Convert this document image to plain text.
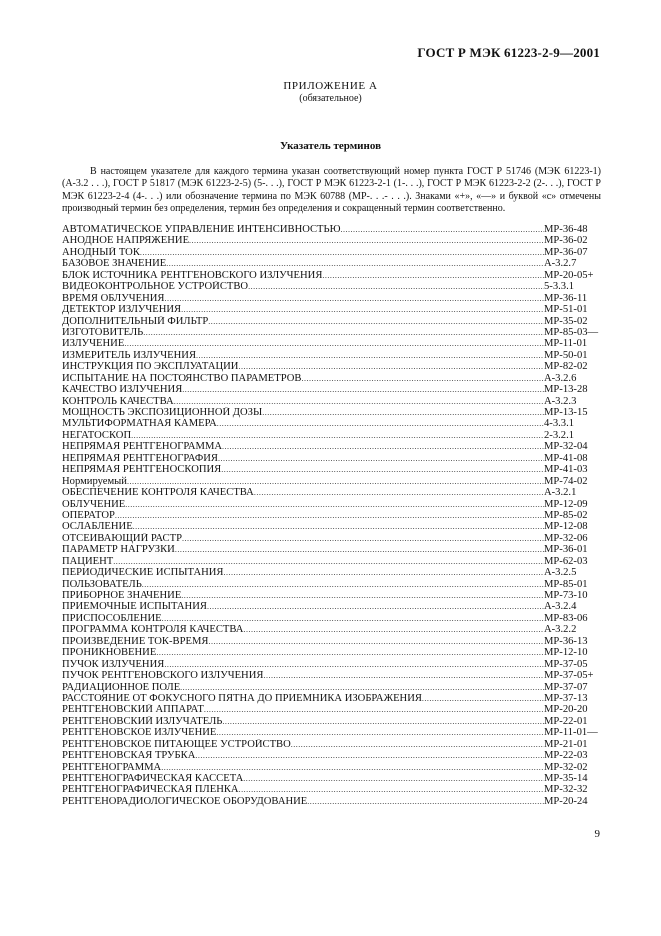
ГОСТ Р МЭК 61223-2-9—2001
ПРИЛОЖЕНИЕ А
(обязательное)
Указатель терминов
В настоящем указателе для каждого термина указан соответствующий номер пункта ГОСТ Р 51746 (МЭК 61223-1) (А-3.2 . . .), ГОСТ Р 51817 (МЭК 61223-2-5) (5-. . .), ГОСТ Р МЭК 61223-2-1 (1-. . .), ГОСТ Р МЭК 61223-2-2 (2-. . .), ГОСТ Р МЭК 61223-2-4 (4-. . .) или обозначение термина по МЭК 60788 (МР-. . .- . . .). Знаками «+», «—» и буквой «с» отмечены производный термин без определения, термин без определения и сокращенный термин соответственно.
АВТОМАТИЧЕСКОЕ УПРАВЛЕНИЕ ИНТЕНСИВНОСТЬЮ .....	МР-36-48
АНОДНОЕ НАПРЯЖЕНИЕ .....	МР-36-02
АНОДНЫЙ ТОК .....	МР-36-07
БАЗОВОЕ ЗНАЧЕНИЕ .....	А-3.2.7
БЛОК ИСТОЧНИКА РЕНТГЕНОВСКОГО ИЗЛУЧЕНИЯ .....	МР-20-05+
ВИДЕОКОНТРОЛЬНОЕ УСТРОЙСТВО .....	5-3.3.1
ВРЕМЯ ОБЛУЧЕНИЯ .....	МР-36-11
ДЕТЕКТОР ИЗЛУЧЕНИЯ .....	МР-51-01
ДОПОЛНИТЕЛЬНЫЙ ФИЛЬТР .....	МР-35-02
ИЗГОТОВИТЕЛЬ .....	МР-85-03—
ИЗЛУЧЕНИЕ .....	МР-11-01
ИЗМЕРИТЕЛЬ ИЗЛУЧЕНИЯ .....	МР-50-01
ИНСТРУКЦИЯ ПО ЭКСПЛУАТАЦИИ .....	МР-82-02
ИСПЫТАНИЕ НА ПОСТОЯНСТВО ПАРАМЕТРОВ .....	А-3.2.6
КАЧЕСТВО ИЗЛУЧЕНИЯ .....	МР-13-28
КОНТРОЛЬ КАЧЕСТВА .....	А-3.2.3
МОЩНОСТЬ ЭКСПОЗИЦИОННОЙ ДОЗЫ .....	МР-13-15
МУЛЬТИФОРМАТНАЯ КАМЕРА .....	4-3.3.1
НЕГАТОСКОП .....	2-3.2.1
НЕПРЯМАЯ РЕНТГЕНОГРАММА .....	МР-32-04
НЕПРЯМАЯ РЕНТГЕНОГРАФИЯ .....	МР-41-08
НЕПРЯМАЯ РЕНТГЕНОСКОПИЯ .....	МР-41-03
Нормируемый .....	МР-74-02
ОБЕСПЕЧЕНИЕ КОНТРОЛЯ КАЧЕСТВА .....	А-3.2.1
ОБЛУЧЕНИЕ .....	МР-12-09
ОПЕРАТОР .....	МР-85-02
ОСЛАБЛЕНИЕ .....	МР-12-08
ОТСЕИВАЮЩИЙ РАСТР .....	МР-32-06
ПАРАМЕТР НАГРУЗКИ .....	МР-36-01
ПАЦИЕНТ .....	МР-62-03
ПЕРИОДИЧЕСКИЕ ИСПЫТАНИЯ .....	А-3.2.5
ПОЛЬЗОВАТЕЛЬ .....	МР-85-01
ПРИБОРНОЕ ЗНАЧЕНИЕ .....	МР-73-10
ПРИЕМОЧНЫЕ ИСПЫТАНИЯ .....	А-3.2.4
ПРИСПОСОБЛЕНИЕ .....	МР-83-06
ПРОГРАММА КОНТРОЛЯ КАЧЕСТВА .....	А-3.2.2
ПРОИЗВЕДЕНИЕ ТОК-ВРЕМЯ .....	МР-36-13
ПРОНИКНОВЕНИЕ .....	МР-12-10
ПУЧОК ИЗЛУЧЕНИЯ .....	МР-37-05
ПУЧОК РЕНТГЕНОВСКОГО ИЗЛУЧЕНИЯ .....	МР-37-05+
РАДИАЦИОННОЕ ПОЛЕ .....	МР-37-07
РАССТОЯНИЕ ОТ ФОКУСНОГО ПЯТНА ДО ПРИЕМНИКА ИЗОБРАЖЕНИЯ .....	МР-37-13
РЕНТГЕНОВСКИЙ АППАРАТ .....	МР-20-20
РЕНТГЕНОВСКИЙ ИЗЛУЧАТЕЛЬ .....	МР-22-01
РЕНТГЕНОВСКОЕ ИЗЛУЧЕНИЕ .....	МР-11-01—
РЕНТГЕНОВСКОЕ ПИТАЮЩЕЕ УСТРОЙСТВО .....	МР-21-01
РЕНТГЕНОВСКАЯ ТРУБКА .....	МР-22-03
РЕНТГЕНОГРАММА .....	МР-32-02
РЕНТГЕНОГРАФИЧЕСКАЯ КАССЕТА .....	МР-35-14
РЕНТГЕНОГРАФИЧЕСКАЯ ПЛЕНКА .....	МР-32-32
РЕНТГЕНОРАДИОЛОГИЧЕСКОЕ ОБОРУДОВАНИЕ .....	МР-20-24
9
